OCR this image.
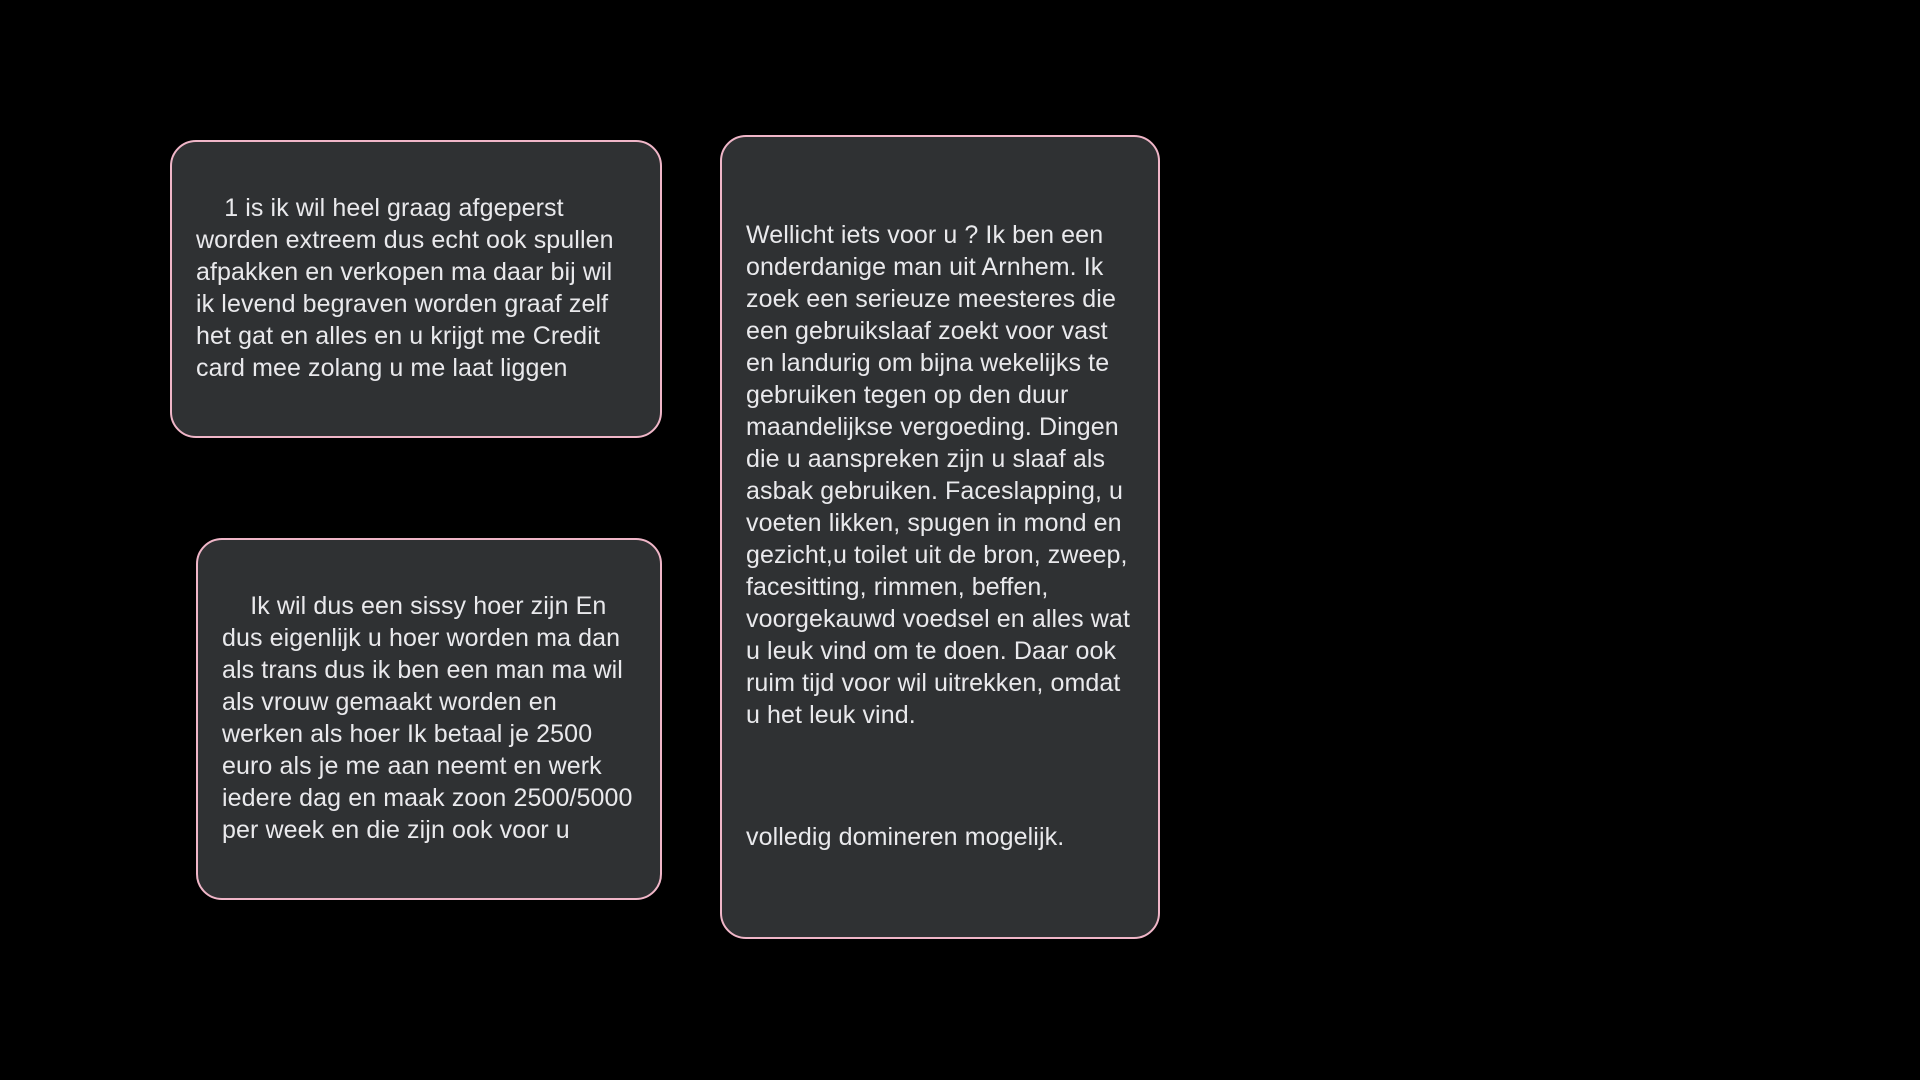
1 is ik wil heel graag afgeperst worden extreem dus echt ook spullen afpakken en verkopen ma daar bij wil ik levend begraven worden graaf zelf het gat en alles en u krijgt me Credit card mee zolang u me laat liggen

Ik wil dus een sissy hoer zijn En dus eigenlijk u hoer worden ma dan als trans dus ik ben een man ma wil als vrouw gemaakt worden en werken als hoer Ik betaal je 2500 euro als je me aan neemt en werk iedere dag en maak zoon 2500/5000 per week en die zijn ook voor u

Wellicht iets voor u ? Ik ben een onderdanige man uit Arnhem. Ik zoek een serieuze meesteres die een gebruikslaaf zoekt voor vast en landurig om bijna wekelijks te  gebruiken tegen op den duur maandelijkse vergoeding. Dingen die u aanspreken zijn u slaaf als asbak gebruiken. Faceslapping, u voeten likken, spugen in mond en gezicht,u toilet uit de bron, zweep, facesitting, rimmen, beffen, voorgekauwd voedsel en alles wat u leuk vind om te doen. Daar ook ruim tijd voor wil uitrekken, omdat u het leuk vind.

volledig domineren mogelijk.
